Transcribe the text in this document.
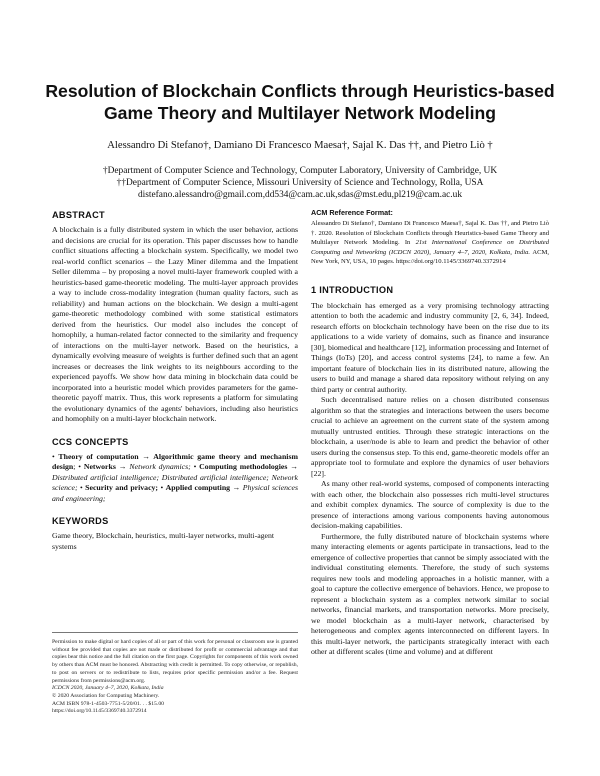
Resolution of Blockchain Conflicts through Heuristics-based
Game Theory and Multilayer Network Modeling
Alessandro Di Stefano†, Damiano Di Francesco Maesa†, Sajal K. Das ††, and Pietro Liò †
†Department of Computer Science and Technology, Computer Laboratory, University of Cambridge, UK
††Department of Computer Science, Missouri University of Science and Technology, Rolla, USA
distefano.alessandro@gmail.com,dd534@cam.ac.uk,sdas@mst.edu,pl219@cam.ac.uk
ABSTRACT

A blockchain is a fully distributed system in which the user behavior, actions and decisions are crucial for its operation. This paper discusses how to handle conflict situations affecting a blockchain system. Specifically, we model two real-world conflict scenarios – the Lazy Miner dilemma and the Impatient Seller dilemma – by proposing a novel multi-layer framework coupled with a heuristics-based game-theoretic modeling. The multi-layer approach provides a way to include cross-modality integration (human quality factors, such as reliability) and human actions on the blockchain. We design a multi-agent game-theoretic methodology combined with some statistical estimators derived from the heuristics. Our model also includes the concept of homophily, a human-related factor connected to the similarity and frequency of interactions on the multi-layer network. Based on the heuristics, a dynamically evolving measure of weights is further defined such that an agent increases or decreases the link weights to its neighbours according to the experienced payoffs. We show how data mining in blockchain data could be incorporated into a heuristic model which provides parameters for the game-theoretic payoff matrix. Thus, this work represents a platform for simulating the evolutionary dynamics of the agents' behaviors, including also heuristics and homophily on a multi-layer blockchain network.

CCS CONCEPTS

• Theory of computation → Algorithmic game theory and mechanism design; • Networks → Network dynamics; • Computing methodologies → Distributed artificial intelligence; Distributed artificial intelligence; Network science; • Security and privacy; • Applied computing → Physical sciences and engineering;

KEYWORDS

Game theory, Blockchain, heuristics, multi-layer networks, multi-agent systems

Permission to make digital or hard copies of all or part of this work for personal or classroom use is granted without fee provided that copies are not made or distributed for profit or commercial advantage and that copies bear this notice and the full citation on the first page. Copyrights for components of this work owned by others than ACM must be honored. Abstracting with credit is permitted. To copy otherwise, or republish, to post on servers or to redistribute to lists, requires prior specific permission and/or a fee. Request permissions from permissions@acm.org.

ICDCN 2020, January 4–7, 2020, Kolkata, India

© 2020 Association for Computing Machinery.

ACM ISBN 978-1-4503-7751-5/20/01. . . $15.00

https://doi.org/10.1145/3369740.3372914

ACM Reference Format:

Alessandro Di Stefano†, Damiano Di Francesco Maesa†, Sajal K. Das ††, and Pietro Liò †. 2020. Resolution of Blockchain Conflicts through Heuristics-based Game Theory and Multilayer Network Modeling. In 21st International Conference on Distributed Computing and Networking (ICDCN 2020), January 4–7, 2020, Kolkata, India. ACM, New York, NY, USA, 10 pages. https://doi.org/10.1145/3369740.3372914

1 INTRODUCTION

The blockchain has emerged as a very promising technology attracting attention to both the academic and industry community [2, 6, 34]. Indeed, research efforts on blockchain technology have been on the rise due to its applications to a wide variety of domains, such as finance and insurance [30], biomedical and healthcare [12], information processing and Internet of Things (IoTs) [20], and access control systems [24], to name a few. An important feature of blockchain lies in its distributed nature, allowing the users to build and manage a shared data repository without relying on any third party or central authority.

Such decentralised nature relies on a chosen distributed consensus algorithm so that the strategies and interactions between the users become crucial to achieve an agreement on the current state of the system among mutually untrusted entities. Through these strategic interactions on the blockchain, a user/node is able to learn and predict the behavior of other users during the consensus step. To this end, game-theoretic models offer an appropriate tool to formulate and explore the dynamics of user behaviors [22].

As many other real-world systems, composed of components interacting with each other, the blockchain also possesses rich multi-level structures and exhibit complex dynamics. The source of complexity is due to the presence of interactions among various components having autonomous decision-making capabilities.

Furthermore, the fully distributed nature of blockchain systems where many interacting elements or agents participate in transactions, lead to the emergence of collective properties that cannot be simply associated with the individual constituting elements. Therefore, the study of such systems requires new tools and modeling approaches in a holistic manner, with a goal to capture the collective emergence of behaviors. Hence, we propose to represent a blockchain system as a complex network similar to social networks, financial markets, and transportation networks. More precisely, we model blockchain as a multi-layer network, characterised by heterogeneous and complex agents interconnected on different layers. In this multi-layer network, the participants strategically interact with each other at different scales (time and volume) and at different
